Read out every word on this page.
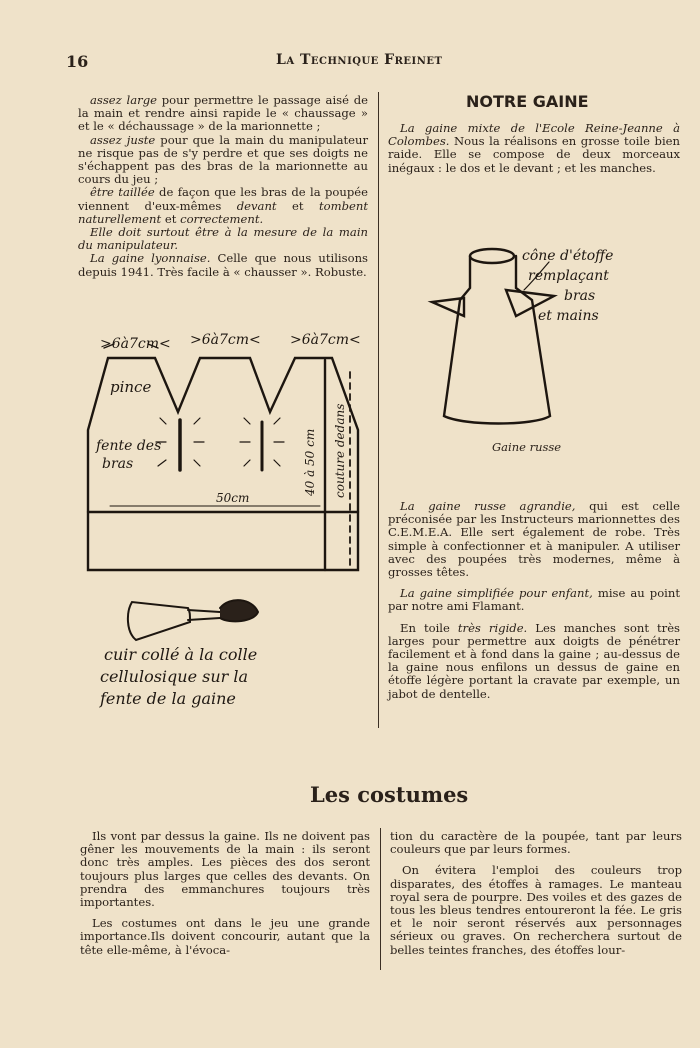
16	La Technique Freinet

assez large pour permettre le passage aisé de la main et rendre ainsi rapide le « chaussage » et le « déchaussage » de la marionnette ;

assez juste pour que la main du manipulateur ne risque pas de s'y perdre et que ses doigts ne s'échappent pas des bras de la marionnette au cours du jeu ;

être taillée de façon que les bras de la poupée viennent d'eux-mêmes devant et tombent naturellement et correctement.

Elle doit surtout être à la mesure de la main du manipulateur.

La gaine lyonnaise. Celle que nous utilisons depuis 1941. Très facile à « chausser ». Robuste.

>6à7cm< >6à7cm< >6à7cm<
pince
fente des
bras
50cm
40 à 50 cm couture dedans
cuir collé à la colle
cellulosique sur la
fente de la gaine
NOTRE GAINE

La gaine mixte de l'Ecole Reine-Jeanne à Colombes. Nous la réalisons en grosse toile bien raide. Elle se compose de deux morceaux inégaux : le dos et le devant ; et les manches.

cône d'étoffe
remplaçant
bras
et mains
Gaine russe

La gaine russe agrandie, qui est celle préconisée par les Instructeurs marionnettes des C.E.M.E.A. Elle sert également de robe. Très simple à confectionner et à manipuler. A utiliser avec des poupées très modernes, même à grosses têtes.

La gaine simplifiée pour enfant, mise au point par notre ami Flamant.

En toile très rigide. Les manches sont très larges pour permettre aux doigts de pénétrer facilement et à fond dans la gaine ; au-dessus de la gaine nous enfilons un dessus de gaine en étoffe légère portant la cravate par exemple, un jabot de dentelle.

Les costumes

Ils vont par dessus la gaine. Ils ne doivent pas gêner les mouvements de la main : ils seront donc très amples. Les pièces des dos seront toujours plus larges que celles des devants. On prendra des emmanchures toujours très importantes.

Les costumes ont dans le jeu une grande importance.Ils doivent concourir, autant que la tête elle-même, à l'évoca-

tion du caractère de la poupée, tant par leurs couleurs que par leurs formes.

On évitera l'emploi des couleurs trop disparates, des étoffes à ramages. Le manteau royal sera de pourpre. Des voiles et des gazes de tous les bleus tendres entoureront la fée. Le gris et le noir seront réservés aux personnages sérieux ou graves. On recherchera surtout de belles teintes franches, des étoffes lour-
